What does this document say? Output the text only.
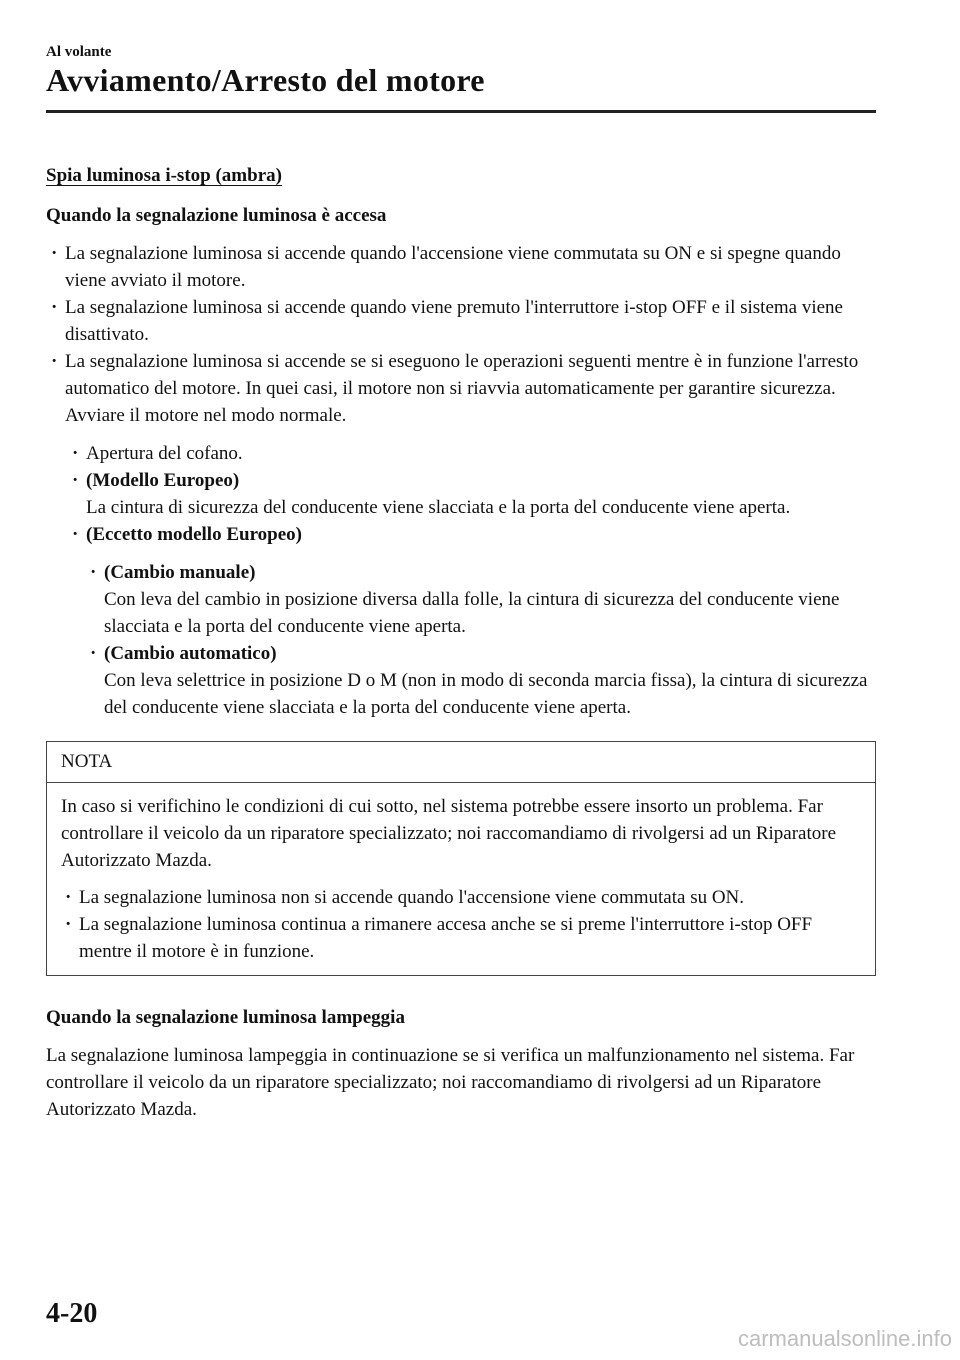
Al volante
Avviamento/Arresto del motore
Spia luminosa i-stop (ambra)
Quando la segnalazione luminosa è accesa
· La segnalazione luminosa si accende quando l'accensione viene commutata su ON e si spegne quando viene avviato il motore.
· La segnalazione luminosa si accende quando viene premuto l'interruttore i-stop OFF e il sistema viene disattivato.
· La segnalazione luminosa si accende se si eseguono le operazioni seguenti mentre è in funzione l'arresto automatico del motore. In quei casi, il motore non si riavvia automaticamente per garantire sicurezza. Avviare il motore nel modo normale.
· Apertura del cofano.
· (Modello Europeo)
La cintura di sicurezza del conducente viene slacciata e la porta del conducente viene aperta.
· (Eccetto modello Europeo)
· (Cambio manuale)
Con leva del cambio in posizione diversa dalla folle, la cintura di sicurezza del conducente viene slacciata e la porta del conducente viene aperta.
· (Cambio automatico)
Con leva selettrice in posizione D o M (non in modo di seconda marcia fissa), la cintura di sicurezza del conducente viene slacciata e la porta del conducente viene aperta.
NOTA

In caso si verifichino le condizioni di cui sotto, nel sistema potrebbe essere insorto un problema. Far controllare il veicolo da un riparatore specializzato; noi raccomandiamo di rivolgersi ad un Riparatore Autorizzato Mazda.

· La segnalazione luminosa non si accende quando l'accensione viene commutata su ON.
· La segnalazione luminosa continua a rimanere accesa anche se si preme l'interruttore i-stop OFF mentre il motore è in funzione.
Quando la segnalazione luminosa lampeggia

La segnalazione luminosa lampeggia in continuazione se si verifica un malfunzionamento nel sistema. Far controllare il veicolo da un riparatore specializzato; noi raccomandiamo di rivolgersi ad un Riparatore Autorizzato Mazda.

4-20
carmanualsonline.info
